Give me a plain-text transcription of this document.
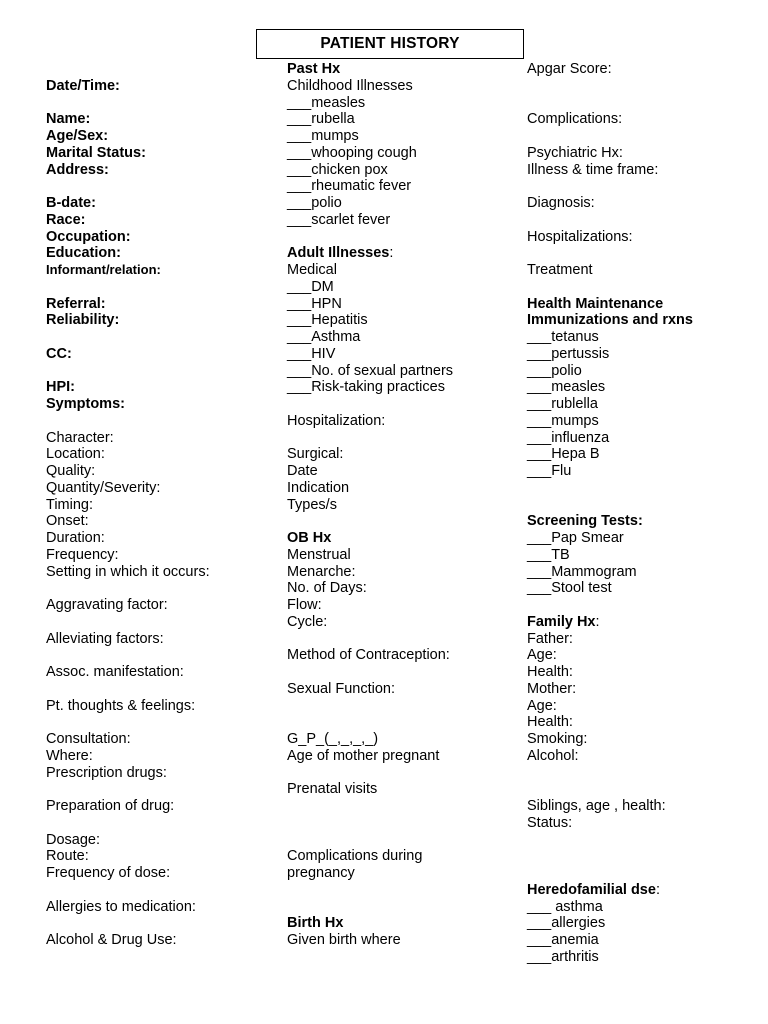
PATIENT HISTORY

Date/Time:

Name:
Age/Sex:
Marital Status:
Address:

B-date:
Race:
Occupation:
Education:
Informant/relation:

Referral:
Reliability:

CC:

HPI:
Symptoms:

Character:
Location:
Quality:
Quantity/Severity:
Timing:
Onset:
Duration:
Frequency:
Setting in which it occurs:

Aggravating factor:

Alleviating factors:

Assoc. manifestation:

Pt. thoughts & feelings:

Consultation:
Where:
Prescription drugs:

Preparation of drug:

Dosage:
Route:
Frequency of dose:

Allergies to medication:

Alcohol & Drug Use:
Past Hx
Childhood Illnesses
___measles
___rubella
___mumps
___whooping cough
___chicken pox
___rheumatic fever
___polio
___scarlet fever

Adult Illnesses:
Medical
___DM
___HPN
___Hepatitis
___Asthma
___HIV
___No. of sexual partners
___Risk-taking practices

Hospitalization:

Surgical:
Date
Indication
Types/s

OB Hx
Menstrual
Menarche:
No. of Days:
Flow:
Cycle:

Method of Contraception:

Sexual Function:

G_P_(_,_,_,_)
Age of mother pregnant

Prenatal visits

Complications during
pregnancy

Birth Hx
Given birth where
Apgar Score:

Complications:

Psychiatric Hx:
Illness & time frame:

Diagnosis:

Hospitalizations:

Treatment

Health Maintenance
Immunizations and rxns
___tetanus
___pertussis
___polio
___measles
___rublella
___mumps
___influenza
___Hepa B
___Flu

Screening Tests:
___Pap Smear
___TB
___Mammogram
___Stool test

Family Hx:
Father:
Age:
Health:
Mother:
Age:
Health:
Smoking:
Alcohol:

Siblings, age , health:
Status:

Heredofamilial dse:
___ asthma
___allergies
___anemia
___arthritis
